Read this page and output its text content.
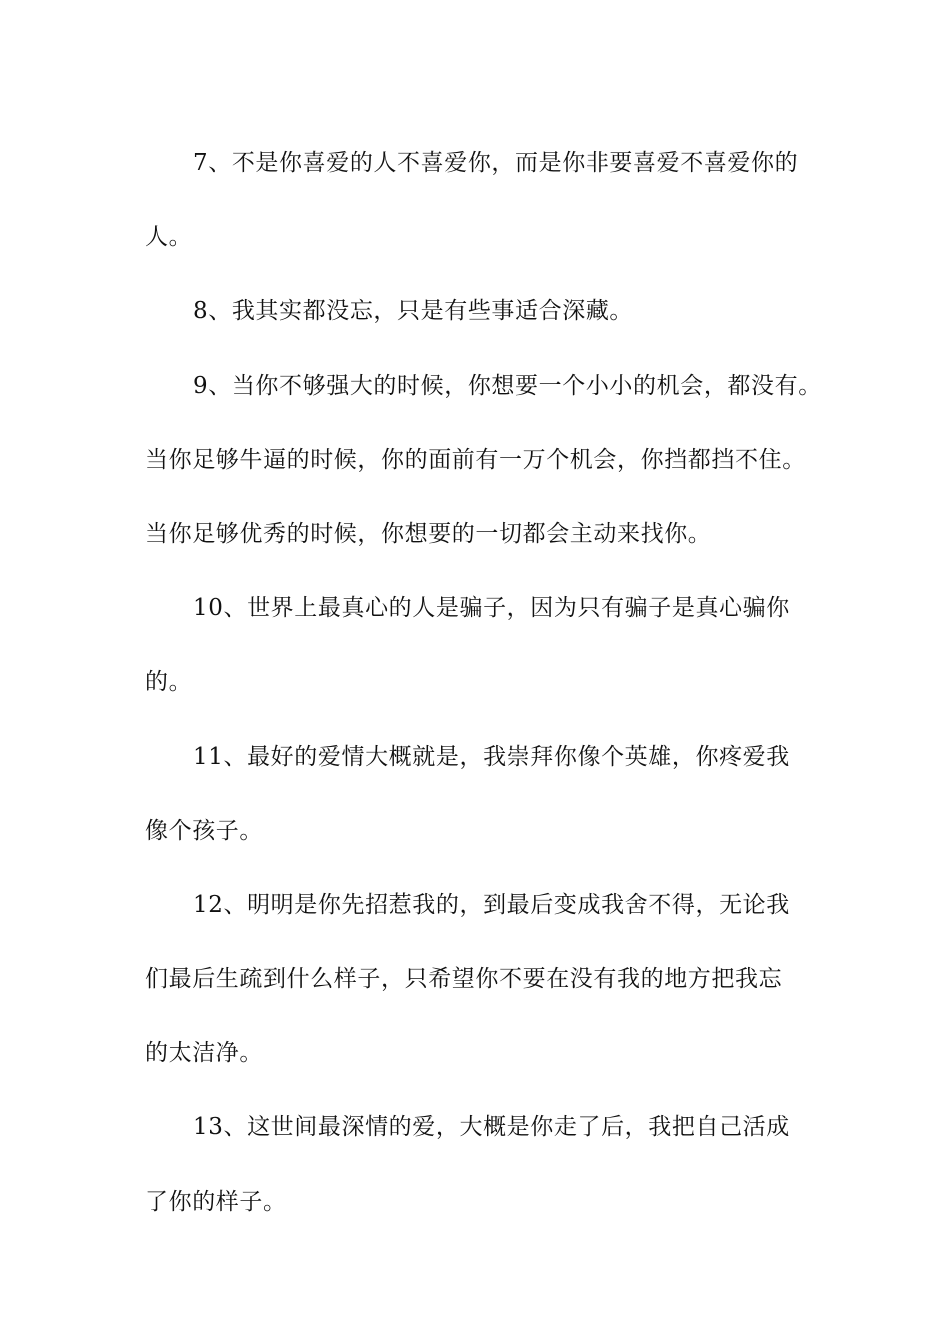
7、不是你喜爱的人不喜爱你，而是你非要喜爱不喜爱你的
人。
8、我其实都没忘，只是有些事适合深藏。
9、当你不够强大的时候，你想要一个小小的机会，都没有。
当你足够牛逼的时候，你的面前有一万个机会，你挡都挡不住。
当你足够优秀的时候，你想要的一切都会主动来找你。
10、世界上最真心的人是骗子，因为只有骗子是真心骗你
的。
11、最好的爱情大概就是，我崇拜你像个英雄，你疼爱我
像个孩子。
12、明明是你先招惹我的，到最后变成我舍不得，无论我
们最后生疏到什么样子，只希望你不要在没有我的地方把我忘
的太洁净。
13、这世间最深情的爱，大概是你走了后，我把自己活成
了你的样子。
